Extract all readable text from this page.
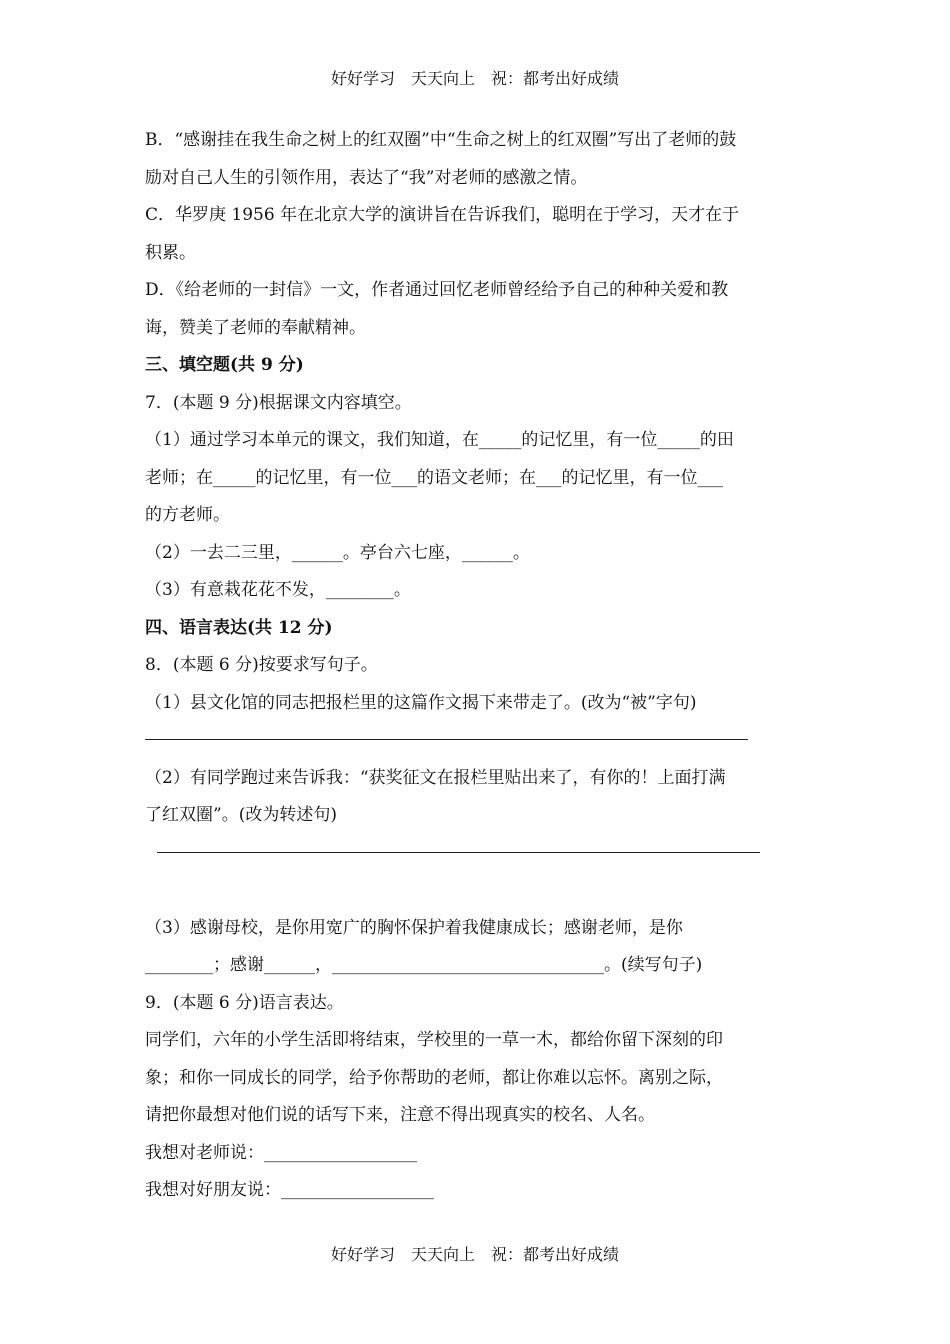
好好学习　天天向上　祝：都考出好成绩
B．“感谢挂在我生命之树上的红双圈”中“生命之树上的红双圈”写出了老师的鼓
励对自己人生的引领作用，表达了“我”对老师的感激之情。
C．华罗庚 1956 年在北京大学的演讲旨在告诉我们，聪明在于学习，天才在于
积累。
D．《给老师的一封信》一文，作者通过回忆老师曾经给予自己的种种关爱和教
诲，赞美了老师的奉献精神。
三、填空题(共 9 分)
7．(本题 9 分)根据课文内容填空。
（1）通过学习本单元的课文，我们知道，在_____的记忆里，有一位_____的田
老师；在_____的记忆里，有一位___的语文老师；在___的记忆里，有一位___
的方老师。
（2）一去二三里，______。亭台六七座，______。
（3）有意栽花花不发，________。
四、语言表达(共 12 分)
8．(本题 6 分)按要求写句子。
（1）县文化馆的同志把报栏里的这篇作文揭下来带走了。(改为“被”字句)
（2）有同学跑过来告诉我：“获奖征文在报栏里贴出来了，有你的！上面打满
了红双圈”。(改为转述句)
（3）感谢母校，是你用宽广的胸怀保护着我健康成长；感谢老师，是你
________；感谢______，________________________________。(续写句子)
9．(本题 6 分)语言表达。
同学们，六年的小学生活即将结束，学校里的一草一木，都给你留下深刻的印
象；和你一同成长的同学，给予你帮助的老师，都让你难以忘怀。离别之际，
请把你最想对他们说的话写下来，注意不得出现真实的校名、人名。
我想对老师说：__________________
我想对好朋友说：__________________
好好学习　天天向上　祝：都考出好成绩
